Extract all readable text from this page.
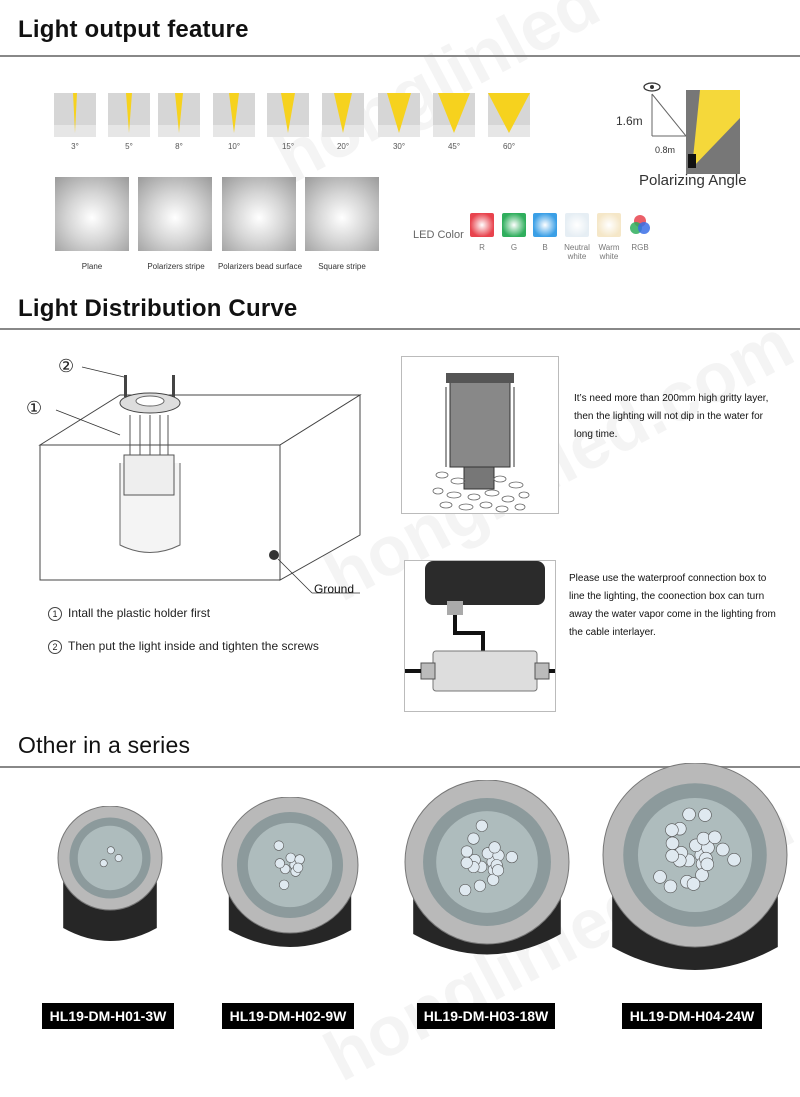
Light output feature
3°	5°	8°	10°	15°	20°	30°	45°	60°
Plane	Polarizers stripe	Polarizers bead surface	Square stripe
1.6m
0.8m
Polarizing Angle
LED Color
R	G	B	Neutral white
Warm white
RGB
Light Distribution Curve
②
①
Ground
1 Intall the plastic holder first
2 Then put the light inside and tighten the screws
It’s need more than 200mm high gritty layer, then the lighting will not dip in the water for long time.
Please use the waterproof connection box to line the lighting, the coonection box can turn away the water vapor come in the lighting from the cable interlayer.
Other in a series
HL19-DM-H01-3W	HL19-DM-H02-9W	HL19-DM-H03-18W	HL19-DM-H04-24W
